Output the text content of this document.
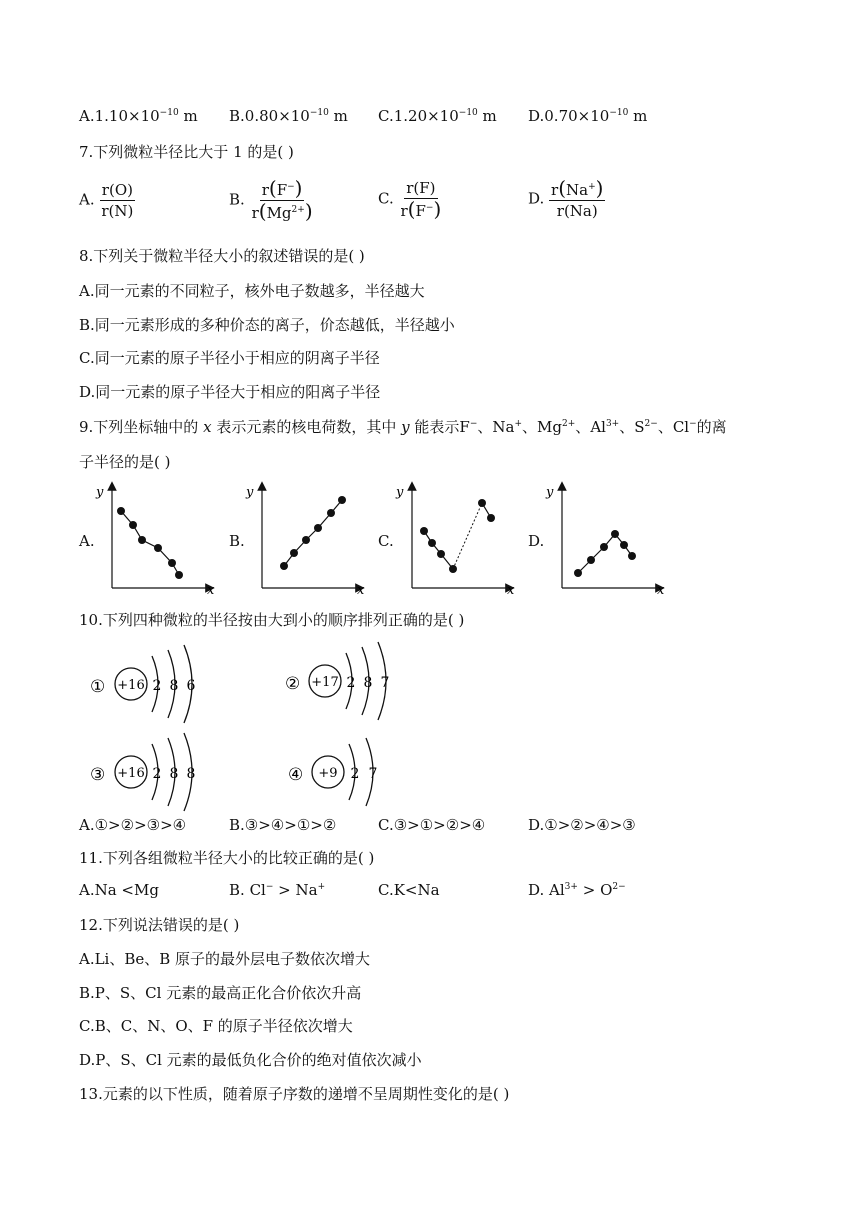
$A.1.10\times 10^{-10}$ m $B.0.80\times 10^{-10}$ m $C.1.20\times 10^{-10}$ m $D.0.70\times 10^{-10}$ m
7.下列微粒半径比大于 1 的是( )
A. $\frac{r(O)}{r(N)}$	B. $\frac{r(F^-)}{r(Mg^{2+})}$	C. $\frac{r(F)}{r(F^-)}$	D. $\frac{r(Na^+)}{r(Na)}$
8.下列关于微粒半径大小的叙述错误的是( )
A.同一元素的不同粒子，核外电子数越多，半径越大
B.同一元素形成的多种价态的离子，价态越低，半径越小
C.同一元素的原子半径小于相应的阴离子半径
D.同一元素的原子半径大于相应的阳离子半径
9.下列坐标轴中的 x 表示元素的核电荷数，其中 y 能表示F−、Na+、$Mg^{2+}$、$Al^{3+}$、$S^{2-}$、Cl−的离
子半径的是( )
A.	B.	C.	D.
y
x
y
x
y
x
y
x
① +16 2 8 6	② +17 2 8 7
③ +16 2 8 8	④ +9 2 7
10.下列四种微粒的半径按由大到小的顺序排列正确的是( )
A.①>②>③>④	B.③>④>①>②	C.③>①>②>④	D.①>②>④>③
11.下列各组微粒半径大小的比较正确的是( )
A.Na <Mg	B. Cl− > Na+	C.K<Na	D. $Al^{3+} > O^{2-}$
12.下列说法错误的是( )
A.Li、Be、B 原子的最外层电子数依次增大
B.P、S、Cl 元素的最高正化合价依次升高
C.B、C、N、O、F 的原子半径依次增大
D.P、S、Cl 元素的最低负化合价的绝对值依次减小
13.元素的以下性质，随着原子序数的递增不呈周期性变化的是( )
